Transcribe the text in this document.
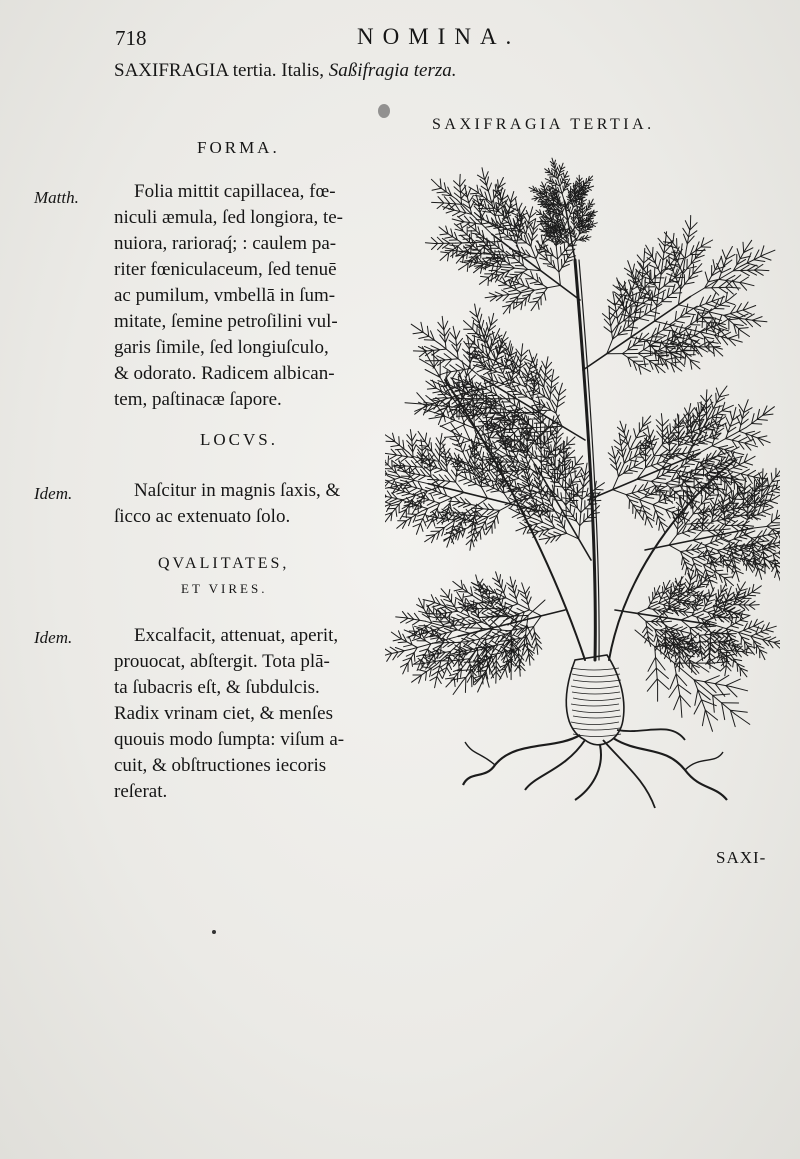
718	NOMINA.
SAXIFRAGIA tertia. Italis, Saßifragia terza.
SAXIFRAGIA TERTIA.
FORMA.
Matth.	Folia mittit capillacea, fœ-
niculi æmula, ſed longiora, te-
nuiora, rarioraq́; : caulem pa-
riter fœniculaceum, ſed tenuē
ac pumilum, vmbellā in ſum-
mitate, ſemine petroſilini vul-
garis ſimile, ſed longiuſculo,
& odorato. Radicem albican-
tem, paſtinacæ ſapore.
LOCVS.
Idem.	Naſcitur in magnis ſaxis, &
ſicco ac extenuato ſolo.
QVALITATES,
ET VIRES.
Idem.	Excalfacit, attenuat, aperit,
prouocat, abſtergit. Tota plā-
ta ſubacris eſt, & ſubdulcis.
Radix vrinam ciet, & menſes
quouis modo ſumpta: viſum a-
cuit, & obſtructiones iecoris
reſerat.
SAXI-
